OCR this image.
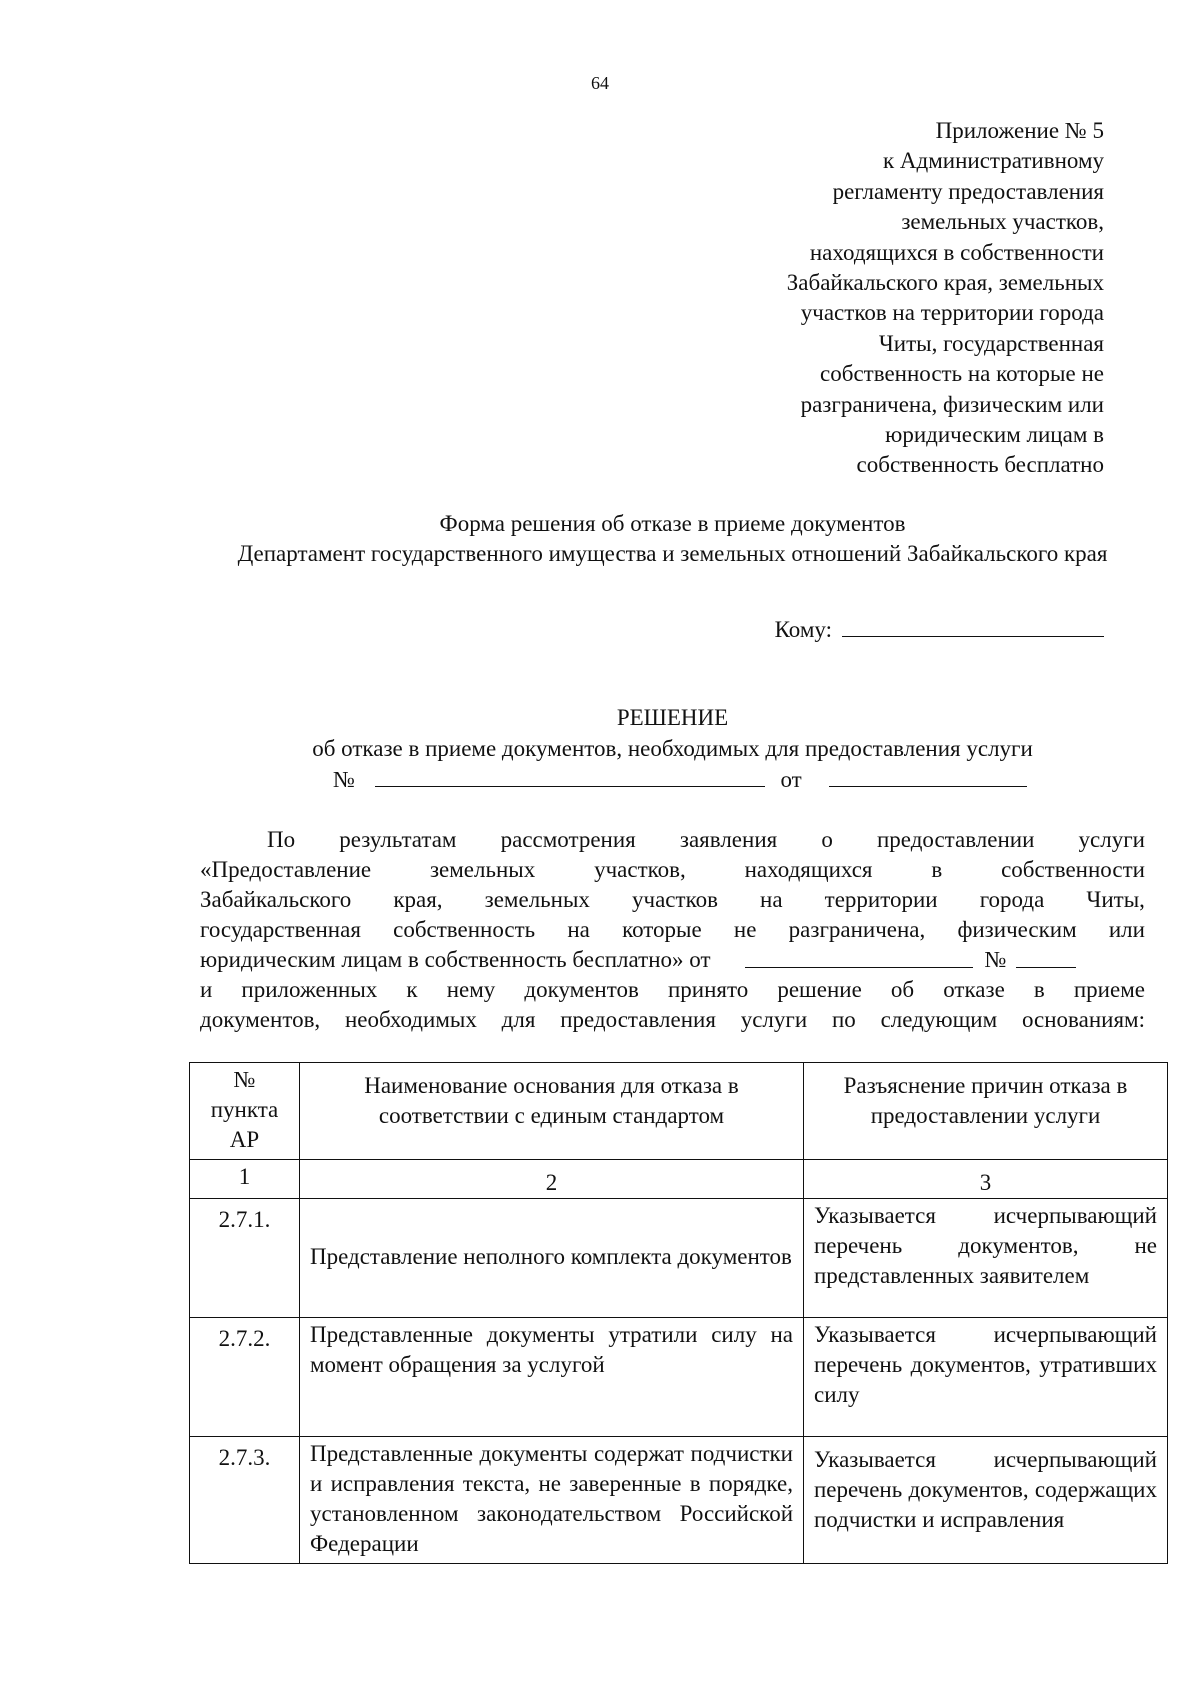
64
Приложение № 5
к Административному
регламенту предоставления
земельных участков,
находящихся в собственности
Забайкальского края, земельных
участков на территории города
Читы, государственная
собственность на которые не
разграничена, физическим или
юридическим лицам в
собственность бесплатно
Форма решения об отказе в приеме документов
Департамент государственного имущества и земельных отношений Забайкальского края
Кому:
РЕШЕНИЕ
об отказе в приеме документов, необходимых для предоставления услуги
№	от
По результатам рассмотрения заявления о предоставлении услуги
«Предоставление	земельных	участков,	находящихся	в	собственности
Забайкальского края, земельных участков на территории города Читы,
государственная собственность на которые не разграничена, физическим или
юридическим лицам в собственность бесплатно» от	№
и приложенных к нему документов принято решение об отказе в приеме
документов, необходимых для предоставления услуги по следующим основаниям:
№ пункта АР	Наименование основания для отказа в соответствии с единым стандартом	Разъяснение причин отказа в предоставлении услуги
1	2	3
2.7.1.	Представление неполного комплекта документов	Указывается исчерпывающий перечень документов, не представленных заявителем
2.7.2.	Представленные документы утратили силу на момент обращения за услугой	Указывается исчерпывающий перечень документов, утративших силу
2.7.3.	Представленные документы содержат подчистки и исправления текста, не заверенные в порядке, установленном законодательством Российской Федерации	Указывается исчерпывающий перечень документов, содержащих подчистки и исправления
